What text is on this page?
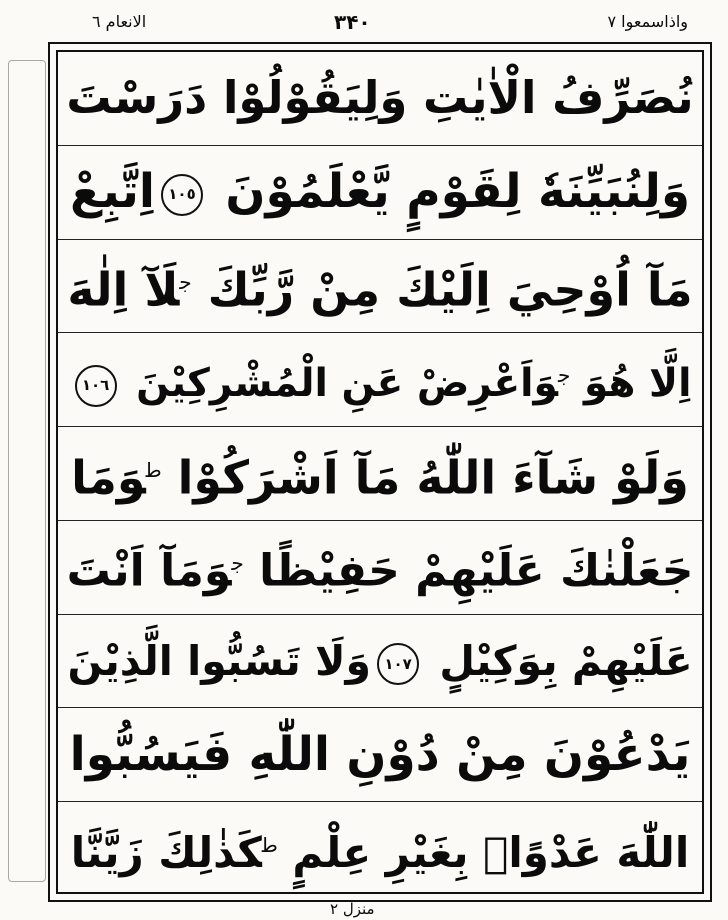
الانعام ٦	۳۴۰	واذاسمعوا ٧
نُصَرِّفُ الْاٰيٰتِ وَلِيَقُوْلُوْا دَرَسْتَ
وَلِنُبَيِّنَهٗ لِقَوْمٍ يَّعْلَمُوْنَ ١٠٥اِتَّبِعْ
مَآ اُوْحِيَ اِلَيْكَ مِنْ رَّبِّكَ $^ج$لَآ اِلٰهَ
اِلَّا هُوَ $^ج$وَاَعْرِضْ عَنِ الْمُشْرِكِيْنَ ١٠٦
وَلَوْ شَآءَ اللّٰهُ مَآ اَشْرَكُوْا $^ط$وَمَا
جَعَلْنٰكَ عَلَيْهِمْ حَفِيْظًا $^ج$وَمَآ اَنْتَ
عَلَيْهِمْ بِوَكِيْلٍ ١٠٧وَلَا تَسُبُّوا الَّذِيْنَ
يَدْعُوْنَ مِنْ دُوْنِ اللّٰهِ فَيَسُبُّوا
اللّٰهَ عَدْوًاۢ بِغَيْرِ عِلْمٍ $^ط$كَذٰلِكَ زَيَّنَّا
منزل ٢
